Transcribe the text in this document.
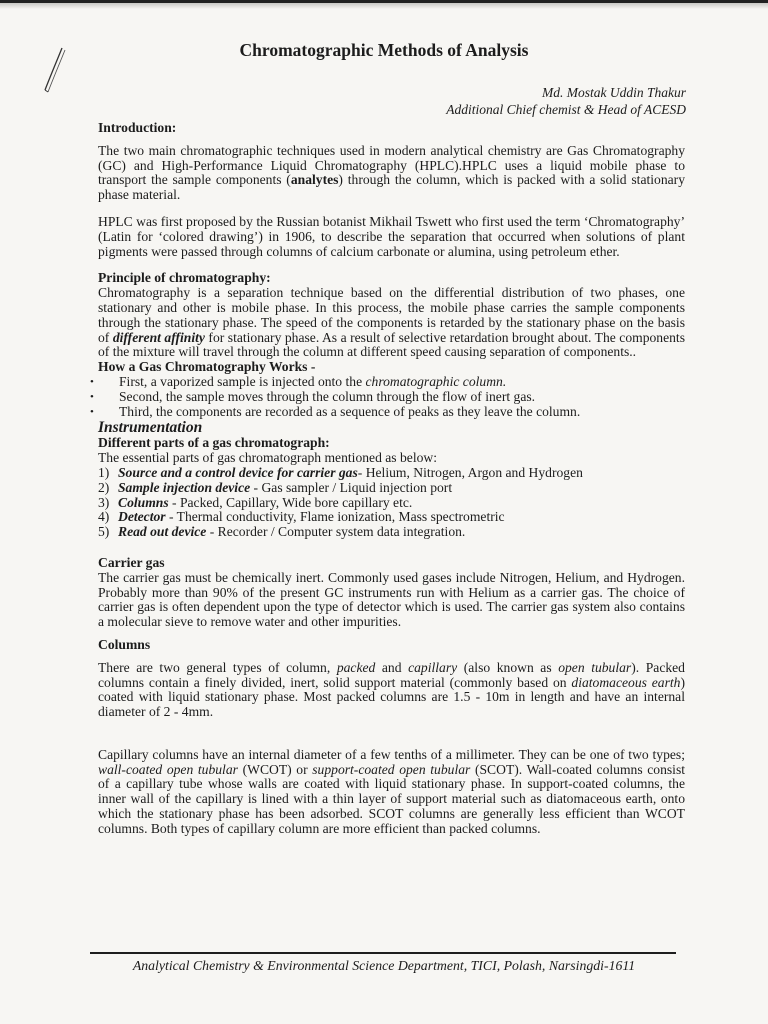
Chromatographic Methods of Analysis
Md. Mostak Uddin Thakur
Additional Chief chemist & Head of ACESD
Introduction:

The two main chromatographic techniques used in modern analytical chemistry are Gas Chromatography (GC) and High-Performance Liquid Chromatography (HPLC).HPLC uses a liquid mobile phase to transport the sample components (analytes) through the column, which is packed with a solid stationary phase material.

HPLC was first proposed by the Russian botanist Mikhail Tswett who first used the term ‘Chromatography’ (Latin for ‘colored drawing’) in 1906, to describe the separation that occurred when solutions of plant pigments were passed through columns of calcium carbonate or alumina, using petroleum ether.

Principle of chromatography:

Chromatography is a separation technique based on the differential distribution of two phases, one stationary and other is mobile phase. In this process, the mobile phase carries the sample components through the stationary phase. The speed of the components is retarded by the stationary phase on the basis of different affinity for stationary phase. As a result of selective retardation brought about. The components of the mixture will travel through the column at different speed causing separation of components..

How a Gas Chromatography Works -
• First, a vaporized sample is injected onto the chromatographic column.
• Second, the sample moves through the column through the flow of inert gas.
• Third, the components are recorded as a sequence of peaks as they leave the column.
Instrumentation
Different parts of a gas chromatograph:

The essential parts of gas chromatograph mentioned as below:

1) Source and a control device for carrier gas- Helium, Nitrogen, Argon and Hydrogen
2) Sample injection device - Gas sampler / Liquid injection port
3) Columns - Packed, Capillary, Wide bore capillary etc.
4) Detector - Thermal conductivity, Flame ionization, Mass spectrometric
5) Read out device - Recorder / Computer system data integration.
Carrier gas

The carrier gas must be chemically inert. Commonly used gases include Nitrogen, Helium, and Hydrogen. Probably more than 90% of the present GC instruments run with Helium as a carrier gas. The choice of carrier gas is often dependent upon the type of detector which is used. The carrier gas system also contains a molecular sieve to remove water and other impurities.

Columns

There are two general types of column, packed and capillary (also known as open tubular). Packed columns contain a finely divided, inert, solid support material (commonly based on diatomaceous earth) coated with liquid stationary phase. Most packed columns are 1.5 - 10m in length and have an internal diameter of 2 - 4mm.

Capillary columns have an internal diameter of a few tenths of a millimeter. They can be one of two types; wall-coated open tubular (WCOT) or support-coated open tubular (SCOT). Wall-coated columns consist of a capillary tube whose walls are coated with liquid stationary phase. In support-coated columns, the inner wall of the capillary is lined with a thin layer of support material such as diatomaceous earth, onto which the stationary phase has been adsorbed. SCOT columns are generally less efficient than WCOT columns. Both types of capillary column are more efficient than packed columns.

Analytical Chemistry & Environmental Science Department, TICI, Polash, Narsingdi-1611
